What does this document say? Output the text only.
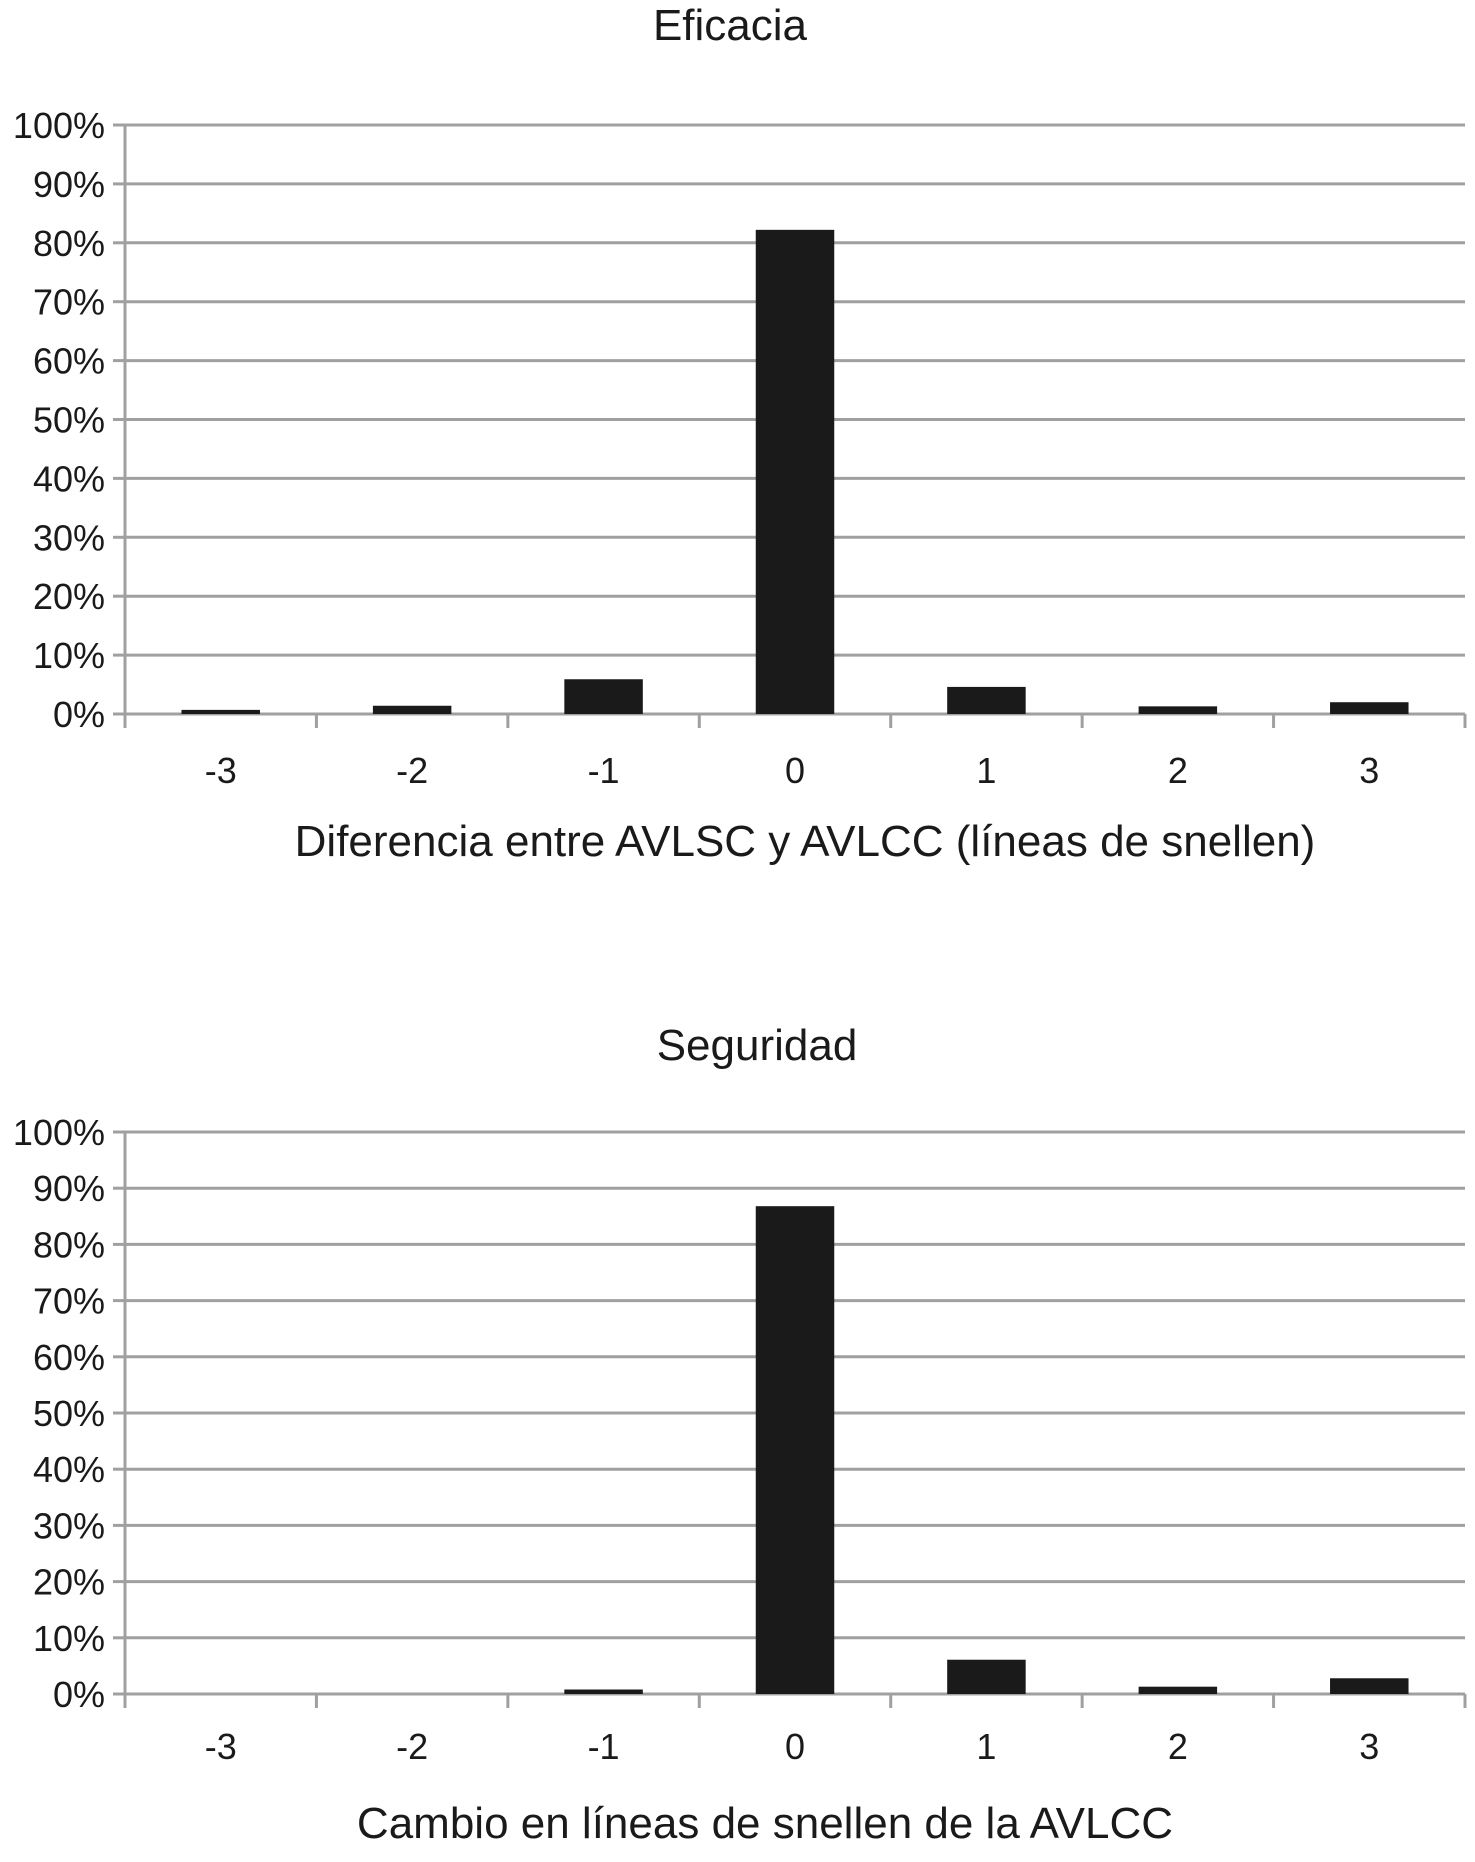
Eficacia
0%
10%
20%
30%
40%
50%
60%
70%
80%
90%
100%
-3	-2	-1	0	1	2	3
Diferencia entre AVLSC y AVLCC (líneas de snellen)
Seguridad
0%
10%
20%
30%
40%
50%
60%
70%
80%
90%
100%
-3	-2	-1	0	1	2	3
Cambio en líneas de snellen de la AVLCC
